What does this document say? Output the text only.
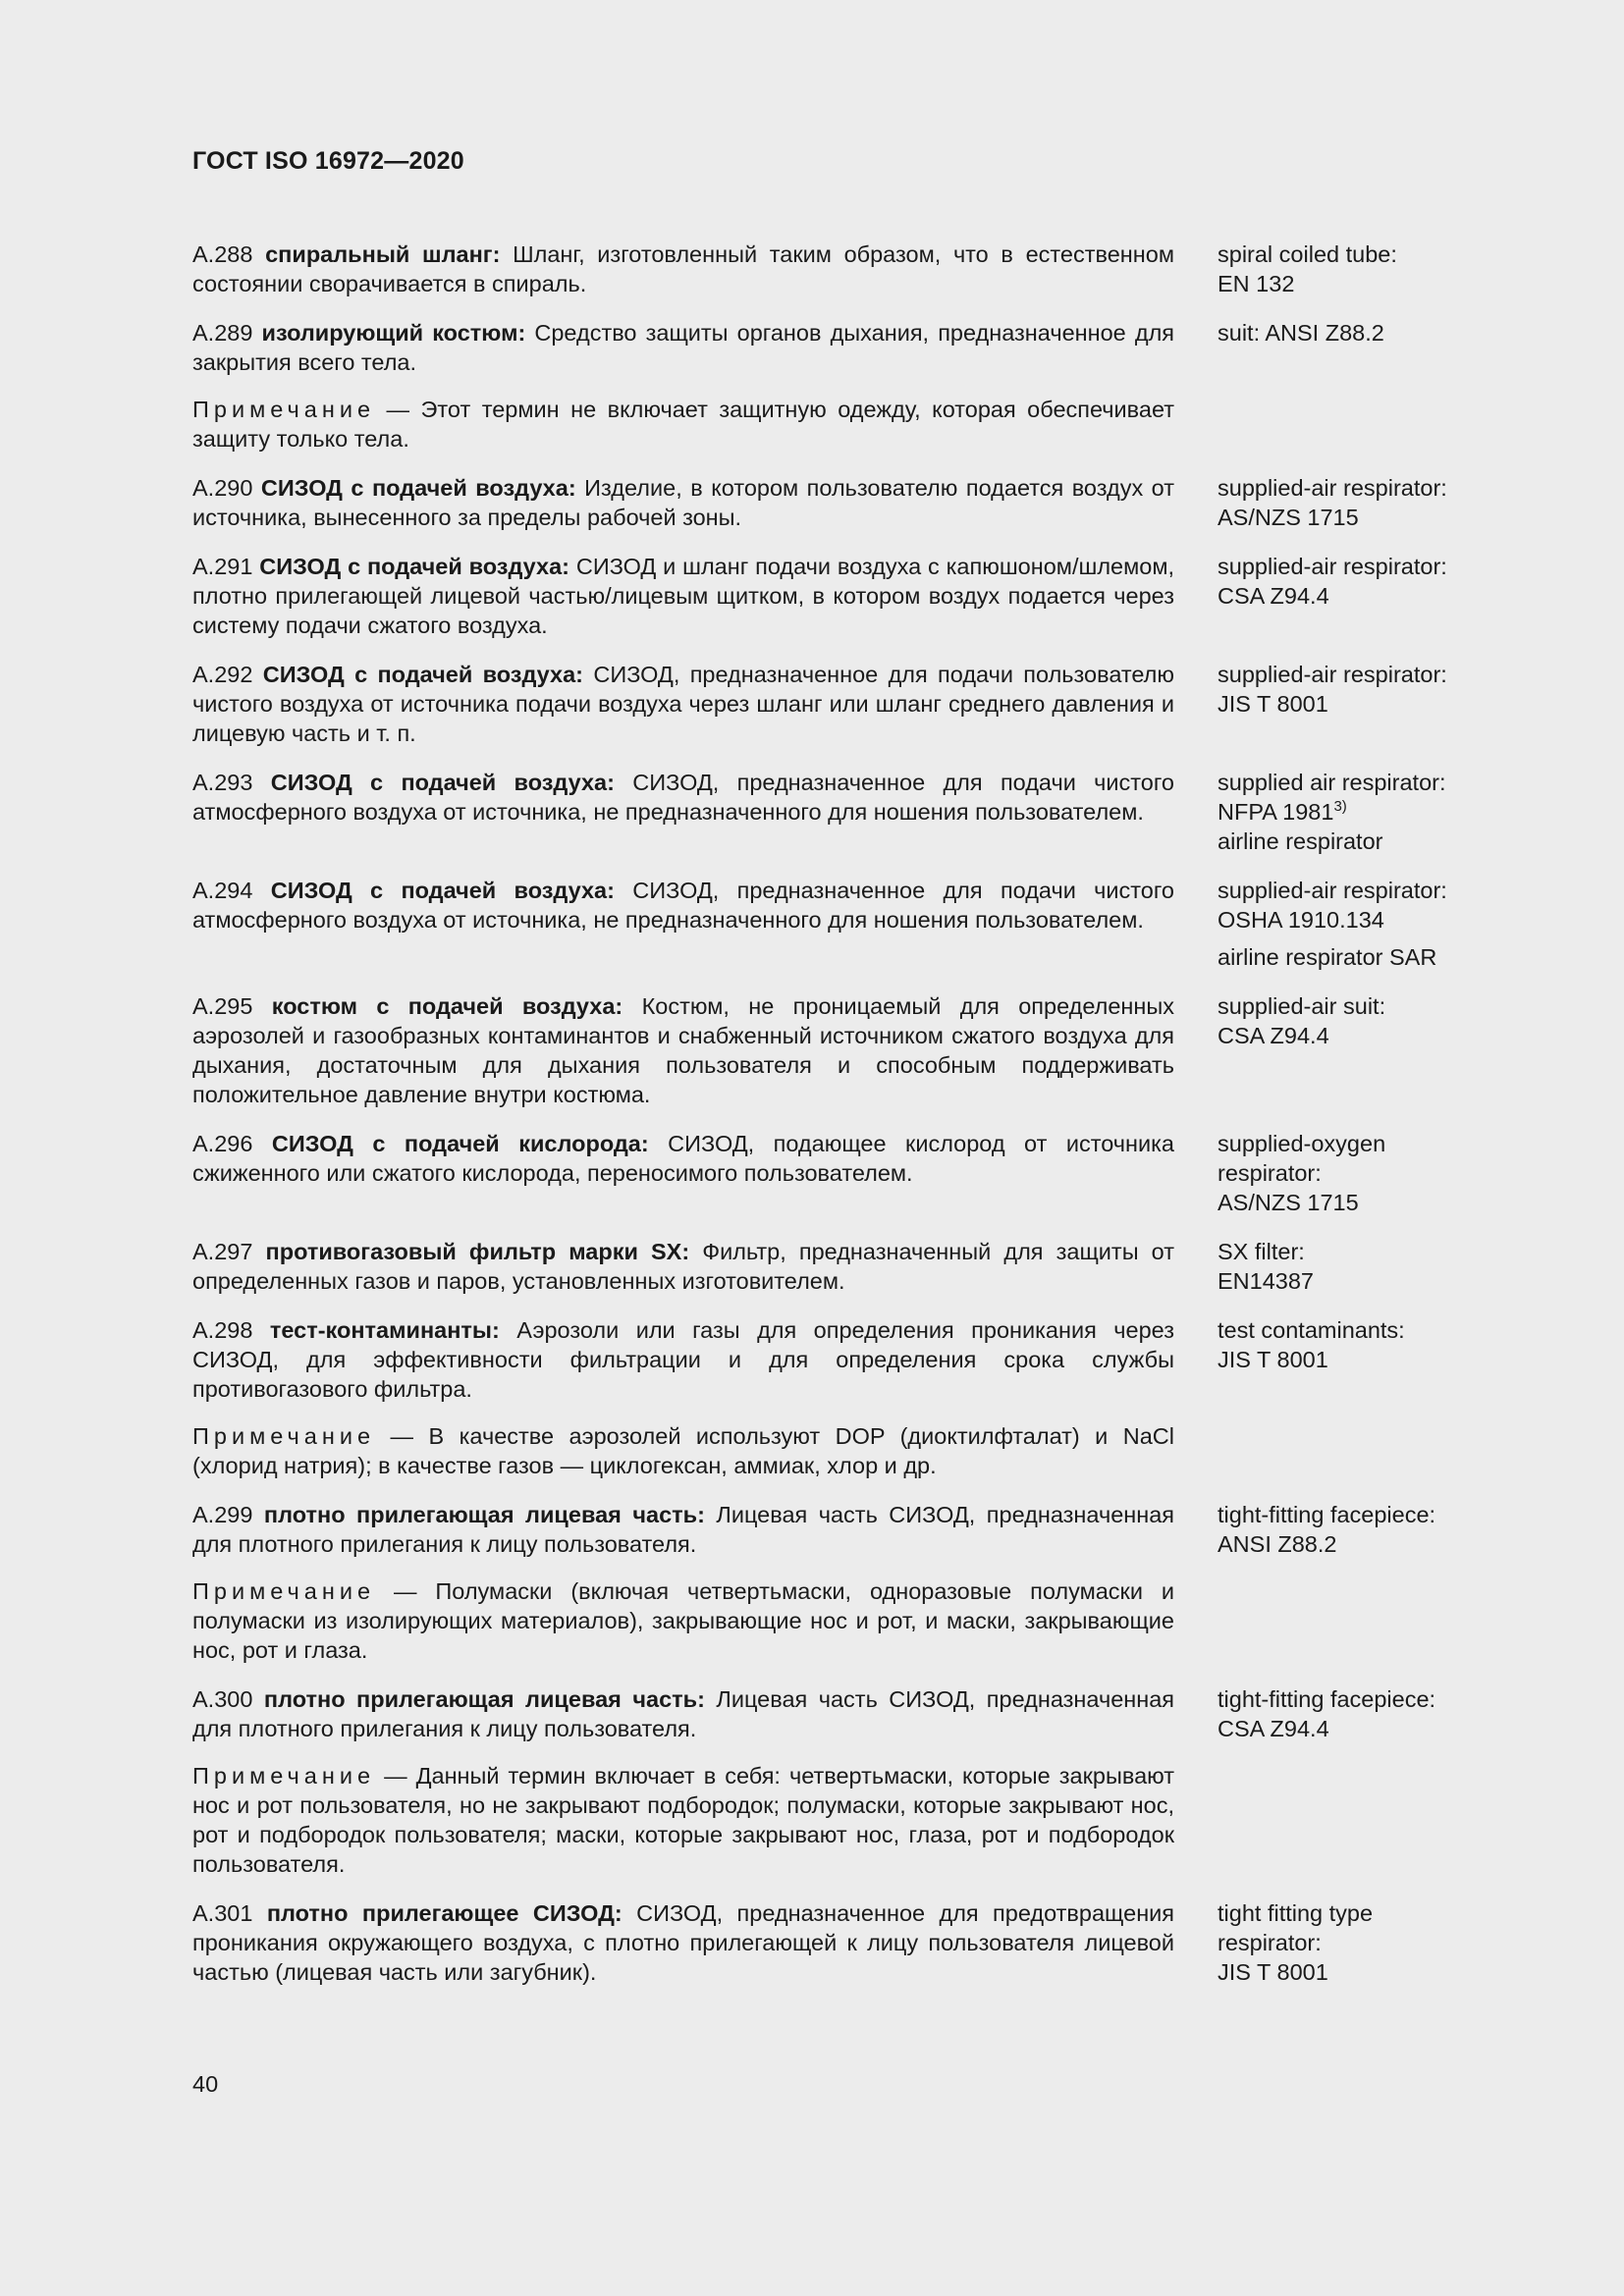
ГОСТ ISO 16972—2020

А.288 спиральный шланг: Шланг, изготовленный таким образом, что в естественном состоянии сворачивается в спираль.

spiral coiled tube:
EN 132

А.289 изолирующий костюм: Средство защиты органов дыхания, предназначенное для закрытия всего тела.

Примечание — Этот термин не включает защитную одежду, которая обеспечивает защиту только тела.

suit: ANSI Z88.2

А.290 СИЗОД с подачей воздуха: Изделие, в котором пользователю подается воздух от источника, вынесенного за пределы рабочей зоны.

supplied-air respirator:
AS/NZS 1715

А.291 СИЗОД с подачей воздуха: СИЗОД и шланг подачи воздуха с капюшоном/шлемом, плотно прилегающей лицевой частью/лицевым щитком, в котором воздух подается через систему подачи сжатого воздуха.

supplied-air respirator:
CSA Z94.4

А.292 СИЗОД с подачей воздуха: СИЗОД, предназначенное для подачи пользователю чистого воздуха от источника подачи воздуха через шланг или шланг среднего давления и лицевую часть и т. п.

supplied-air respirator:
JIS T 8001

А.293 СИЗОД с подачей воздуха: СИЗОД, предназначенное для подачи чистого атмосферного воздуха от источника, не предназначенного для ношения пользователем.

supplied air respirator:
NFPA 1981$^{3)}$
airline respirator

А.294 СИЗОД с подачей воздуха: СИЗОД, предназначенное для подачи чистого атмосферного воздуха от источника, не предназначенного для ношения пользователем.

supplied-air respirator:
OSHA 1910.134
airline respirator SAR

А.295 костюм с подачей воздуха: Костюм, не проницаемый для определенных аэрозолей и газообразных контаминантов и снабженный источником сжатого воздуха для дыхания, достаточным для дыхания пользователя и способным поддерживать положительное давление внутри костюма.

supplied-air suit:
CSA Z94.4

А.296 СИЗОД с подачей кислорода: СИЗОД, подающее кислород от источника сжиженного или сжатого кислорода, переносимого пользователем.

supplied-oxygen
respirator:
AS/NZS 1715

А.297 противогазовый фильтр марки SX: Фильтр, предназначенный для защиты от определенных газов и паров, установленных изготовителем.

SX filter:
EN14387

А.298 тест-контаминанты: Аэрозоли или газы для определения проникания через СИЗОД, для эффективности фильтрации и для определения срока службы противогазового фильтра.

Примечание — В качестве аэрозолей используют DOP (диоктилфталат) и NaCl (хлорид натрия); в качестве газов — циклогексан, аммиак, хлор и др.

test contaminants:
JIS T 8001

А.299 плотно прилегающая лицевая часть: Лицевая часть СИЗОД, предназначенная для плотного прилегания к лицу пользователя.

Примечание — Полумаски (включая четвертьмаски, одноразовые полумаски и полумаски из изолирующих материалов), закрывающие нос и рот, и маски, закрывающие нос, рот и глаза.

tight-fitting facepiece:
ANSI Z88.2

А.300 плотно прилегающая лицевая часть: Лицевая часть СИЗОД, предназначенная для плотного прилегания к лицу пользователя.

Примечание — Данный термин включает в себя: четвертьмаски, которые закрывают нос и рот пользователя, но не закрывают подбородок; полумаски, которые закрывают нос, рот и подбородок пользователя; маски, которые закрывают нос, глаза, рот и подбородок пользователя.

tight-fitting facepiece:
CSA Z94.4

А.301 плотно прилегающее СИЗОД: СИЗОД, предназначенное для предотвращения проникания окружающего воздуха, с плотно прилегающей к лицу пользователя лицевой частью (лицевая часть или загубник).

tight fitting type
respirator:
JIS T 8001
40
